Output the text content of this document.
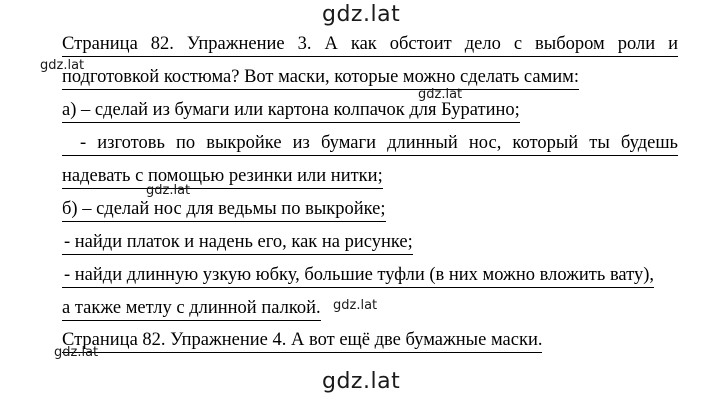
gdz.lat
Страница 82. Упражнение 3. А как обстоит дело с выбором роли и
подготовкой костюма? Вот маски, которые можно сделать самим:
а) – сделай из бумаги или картона колпачок для Буратино;
- изготовь по выкройке из бумаги длинный нос, который ты будешь
надевать с помощью резинки или нитки;
б) – сделай нос для ведьмы по выкройке;
- найди платок и надень его, как на рисунке;
- найди длинную узкую юбку, большие туфли (в них можно вложить вату),
а также метлу с длинной палкой.
Страница 82. Упражнение 4. А вот ещё две бумажные маски.
gdz.lat
gdz.lat
gdz.lat
gdz.lat
gdz.lat
gdz.lat
